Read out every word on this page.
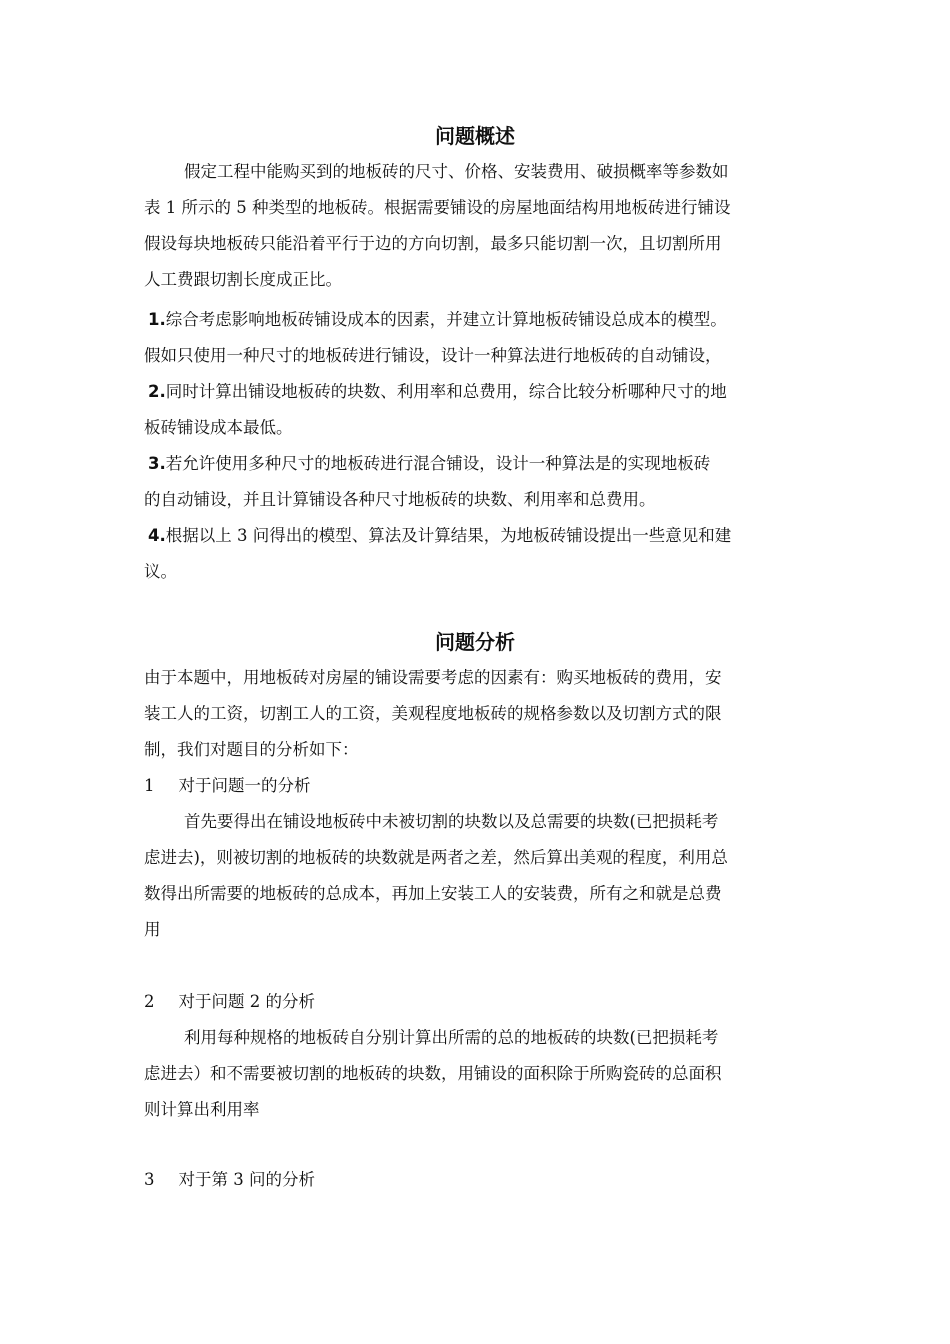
问题概述

假定工程中能购买到的地板砖的尺寸、价格、安装费用、破损概率等参数如

表 1 所示的 5 种类型的地板砖。根据需要铺设的房屋地面结构用地板砖进行铺设

假设每块地板砖只能沿着平行于边的方向切割，最多只能切割一次，且切割所用

人工费跟切割长度成正比。

1.综合考虑影响地板砖铺设成本的因素，并建立计算地板砖铺设总成本的模型。

假如只使用一种尺寸的地板砖进行铺设，设计一种算法进行地板砖的自动铺设，

2.同时计算出铺设地板砖的块数、利用率和总费用，综合比较分析哪种尺寸的地

板砖铺设成本最低。

3.若允许使用多种尺寸的地板砖进行混合铺设，设计一种算法是的实现地板砖

的自动铺设，并且计算铺设各种尺寸地板砖的块数、利用率和总费用。

4.根据以上 3 问得出的模型、算法及计算结果，为地板砖铺设提出一些意见和建

议。

问题分析

由于本题中，用地板砖对房屋的铺设需要考虑的因素有：购买地板砖的费用，安

装工人的工资，切割工人的工资，美观程度地板砖的规格参数以及切割方式的限

制，我们对题目的分析如下：

1 对于问题一的分析

首先要得出在铺设地板砖中未被切割的块数以及总需要的块数(已把损耗考

虑进去)，则被切割的地板砖的块数就是两者之差，然后算出美观的程度，利用总

数得出所需要的地板砖的总成本，再加上安装工人的安装费，所有之和就是总费

用

2 对于问题 2 的分析

利用每种规格的地板砖自分别计算出所需的总的地板砖的块数(已把损耗考

虑进去）和不需要被切割的地板砖的块数，用铺设的面积除于所购瓷砖的总面积

则计算出利用率

3 对于第 3 问的分析
